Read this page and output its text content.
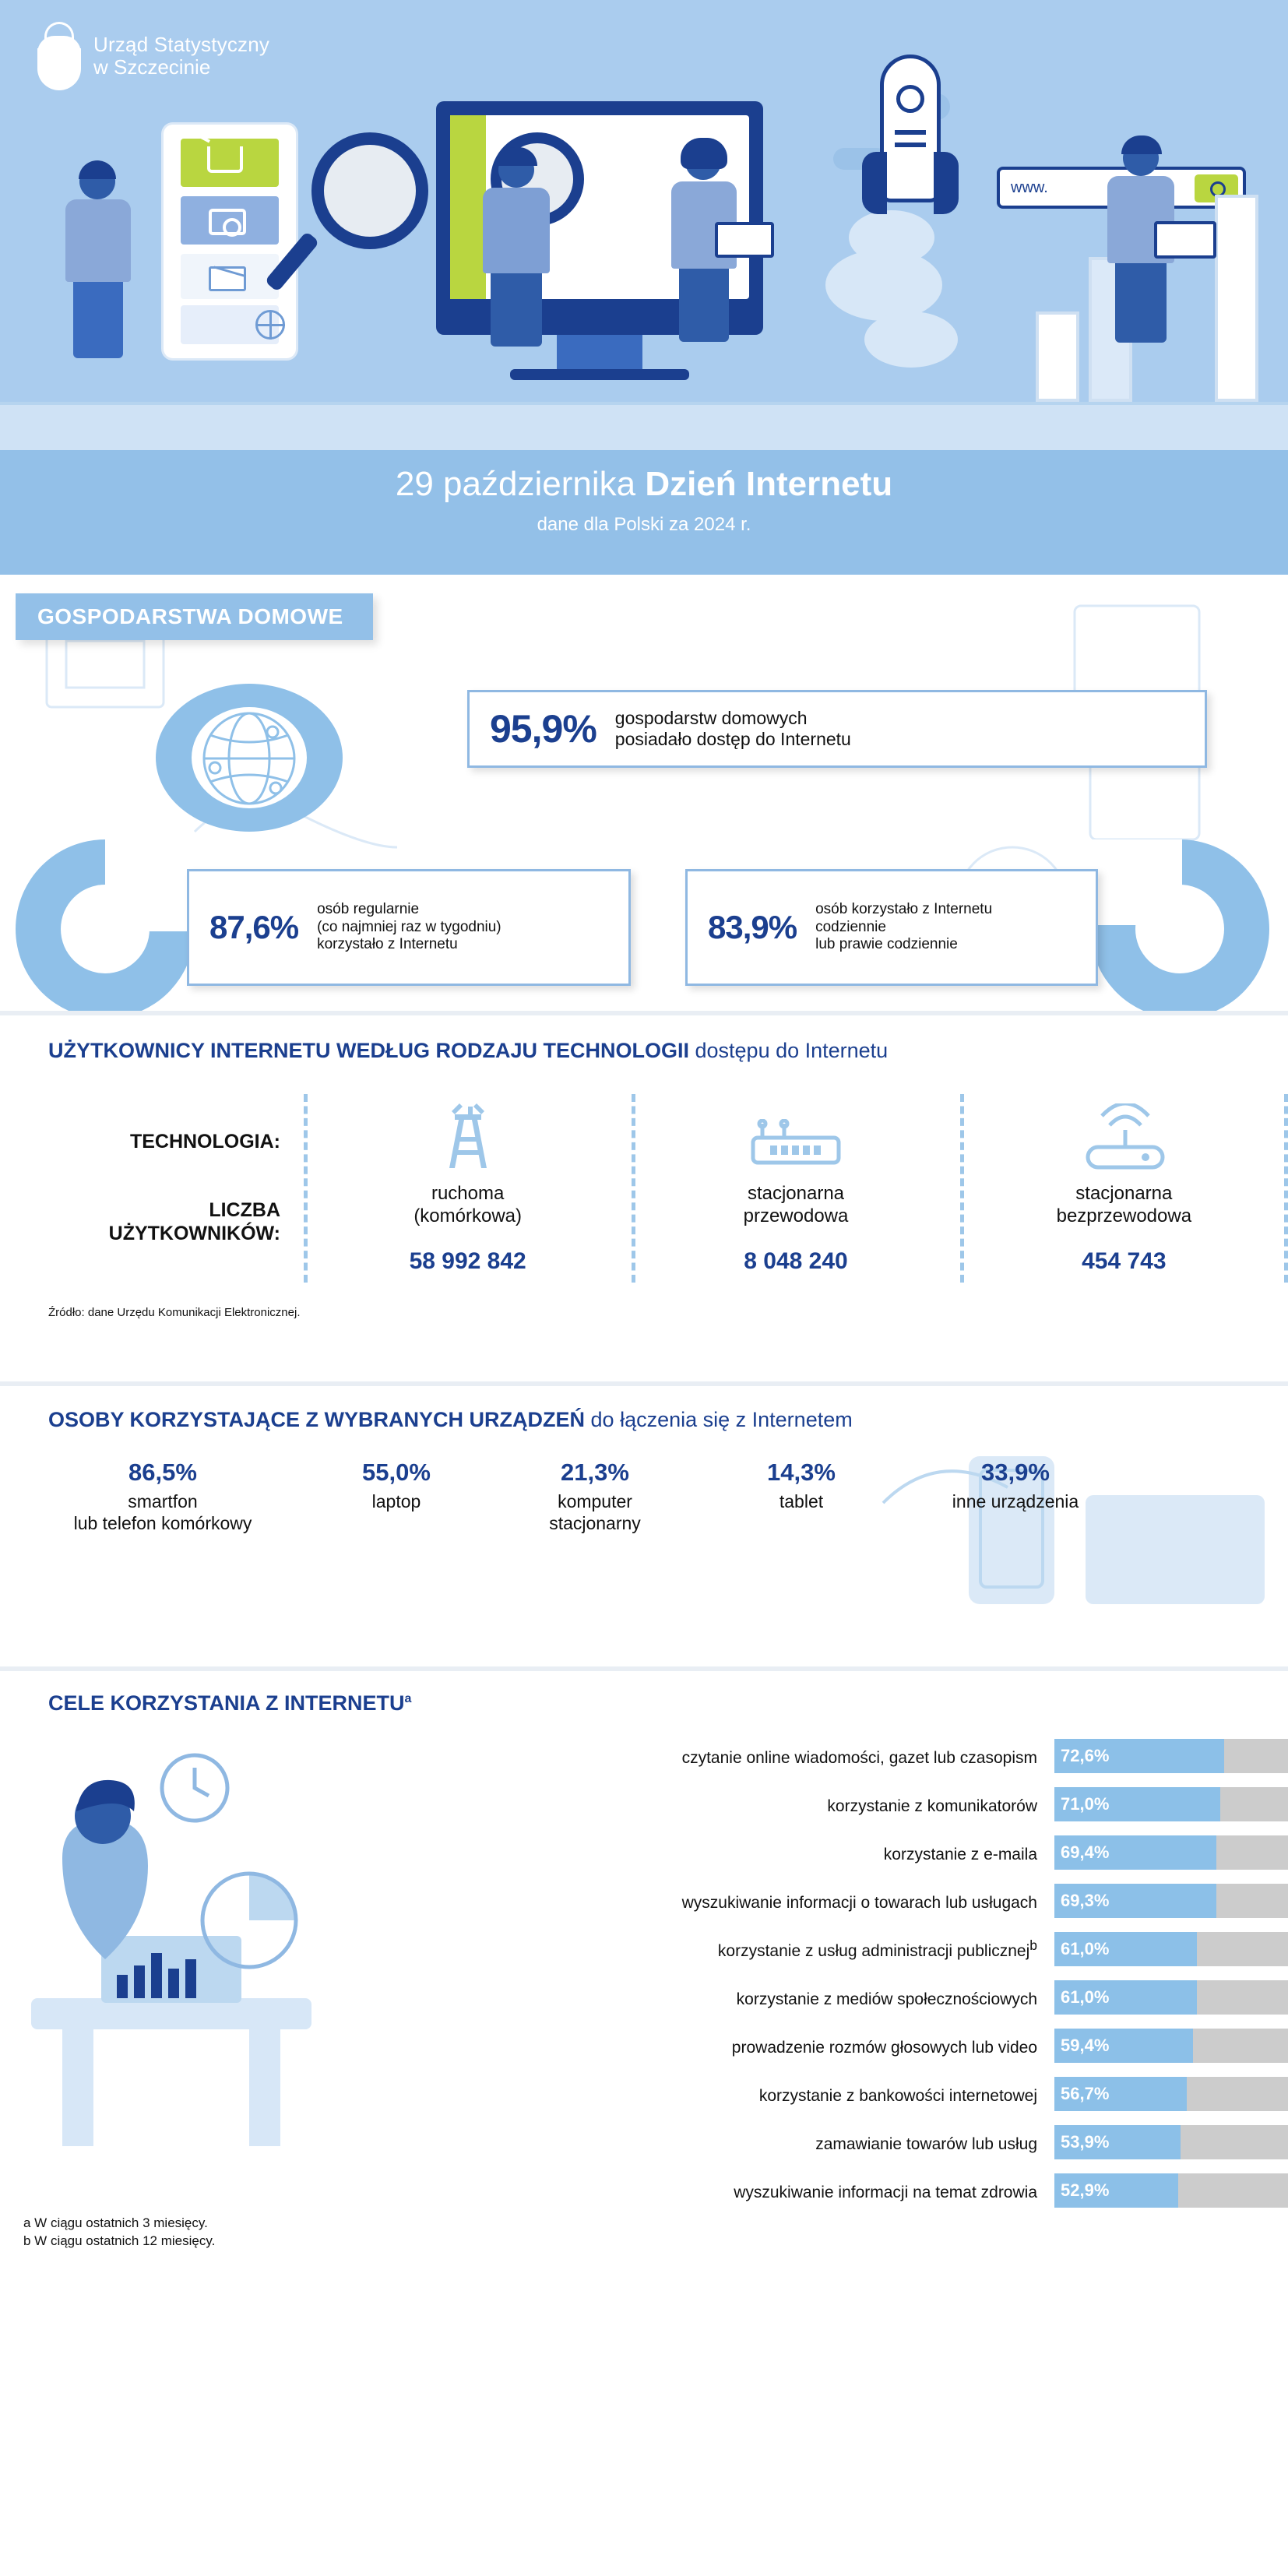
www.
Urząd Statystyczny
w Szczecinie
29 października Dzień Internetu
dane dla Polski za 2024 r.
GOSPODARSTWA DOMOWE
95,9% gospodarstw domowych
posiadało dostęp do Internetu
87,6% osób regularnie
(co najmniej raz w tygodniu)
korzystało z Internetu	83,9% osób korzystało z Internetu
codziennie
lub prawie codziennie
UŻYTKOWNICY INTERNETU WEDŁUG RODZAJU TECHNOLOGII dostępu do Internetu
TECHNOLOGIA:
LICZBA
UŻYTKOWNIKÓW:
ruchoma
(komórkowa)
58 992 842
stacjonarna
przewodowa
8 048 240
stacjonarna
bezprzewodowa
454 743
Źródło: dane Urzędu Komunikacji Elektronicznej.
OSOBY KORZYSTAJĄCE Z WYBRANYCH URZĄDZEŃ do łączenia się z Internetem
86,5%
smartfon
lub telefon komórkowy
55,0%
laptop
21,3%
komputer
stacjonarny
14,3%
tablet
33,9%
inne urządzenia
CELE KORZYSTANIA Z INTERNETU$^a$
czytanie online wiadomości, gazet lub czasopism	72,6%
korzystanie z komunikatorów	71,0%
korzystanie z e-maila	69,4%
wyszukiwanie informacji o towarach lub usługach	69,3%
korzystanie z usług administracji publicznej$^b$	61,0%
korzystanie z mediów społecznościowych	61,0%
prowadzenie rozmów głosowych lub video	59,4%
korzystanie z bankowości internetowej	56,7%
zamawianie towarów lub usług	53,9%
wyszukiwanie informacji na temat zdrowia	52,9%
a W ciągu ostatnich 3 miesięcy.
b W ciągu ostatnich 12 miesięcy.
